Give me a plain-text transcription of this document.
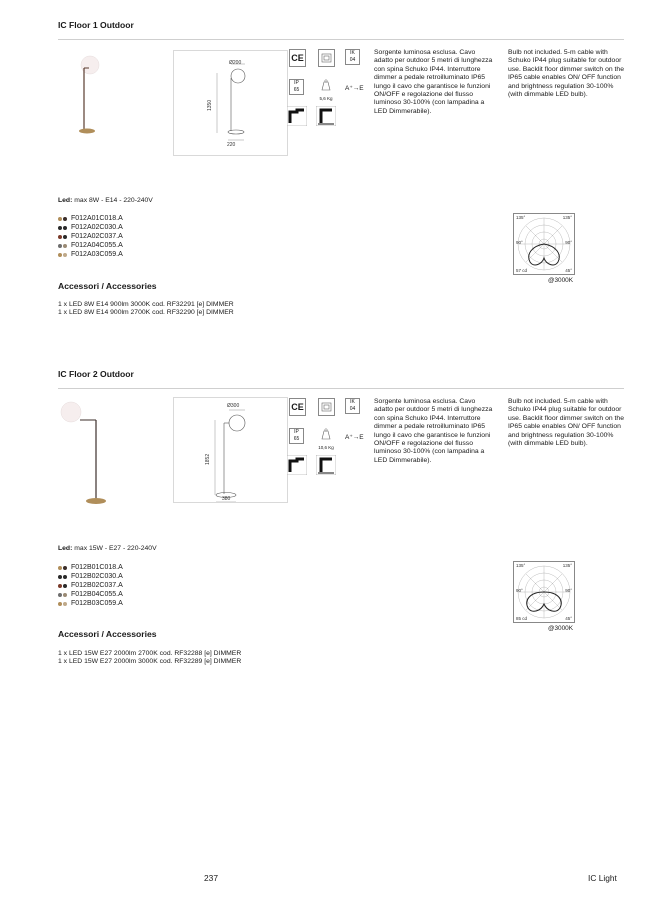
IC Floor 1 Outdoor
Ø200
1350
220
CE	IK
04
IP
65
5,6 Kg
A⁺→E
Sorgente luminosa esclusa. Cavo adatto per outdoor 5 metri di lunghezza con spina Schuko IP44. Interruttore dimmer a pedale retroilluminato IP65 lungo il cavo che garantisce le funzioni ON/OFF e regolazione del flusso luminoso 30-100% (con lampadina a LED Dimmerabile).
Bulb not included. 5-m cable with Schuko IP44 plug suitable for outdoor use. Backlit floor dimmer switch on the IP65 cable enables ON/ OFF function and brightness regulation 30-100% (with dimmable LED bulb).
Led: max 8W - E14 - 220-240V
F012A01C018.A
F012A02C030.A
F012A02C037.A
F012A04C055.A
F012A03C059.A
135°	135°
90°	90°
57 cd	45°
@3000K
Accessori / Accessories
1 x LED 8W E14 900lm 3000K cod. RF32291 [e] DIMMER
1 x LED 8W E14 900lm 2700K cod. RF32290 [e] DIMMER
IC Floor 2 Outdoor
Ø300
1852
380
CE	IK
04
IP
65
10,6 Kg
A⁺→E
Sorgente luminosa esclusa. Cavo adatto per outdoor 5 metri di lunghezza con spina Schuko IP44. Interruttore dimmer a pedale retroilluminato IP65 lungo il cavo che garantisce le funzioni ON/OFF e regolazione del flusso luminoso 30-100% (con lampadina a LED Dimmerabile).
Bulb not included. 5-m cable with Schuko IP44 plug suitable for outdoor use. Backlit floor dimmer switch on the IP65 cable enables ON/ OFF function and brightness regulation 30-100% (with dimmable LED bulb).
Led: max 15W - E27 - 220-240V
F012B01C018.A
F012B02C030.A
F012B02C037.A
F012B04C055.A
F012B03C059.A
135°	135°
90°	90°
85 cd	45°
@3000K
Accessori / Accessories
1 x LED 15W E27 2000lm 2700K cod. RF32288 [e] DIMMER
1 x LED 15W E27 2000lm 3000K cod. RF32289 [e] DIMMER
237	IC Light
